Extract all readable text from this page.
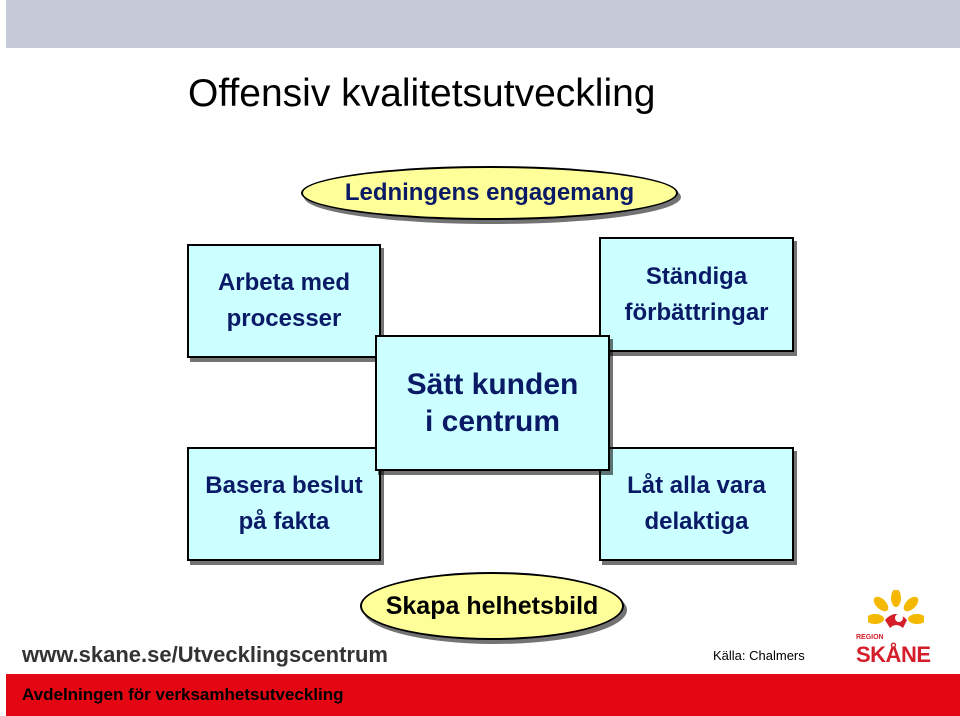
Offensiv kvalitetsutveckling
Ledningens engagemang
Arbeta med
processer
Ständiga
förbättringar
Basera beslut
på fakta
Låt alla vara
delaktiga
Sätt kunden
i centrum
Skapa helhetsbild
www.skane.se/Utvecklingscentrum	Källa: Chalmers
REGION
SKÅNE
Avdelningen för verksamhetsutveckling
